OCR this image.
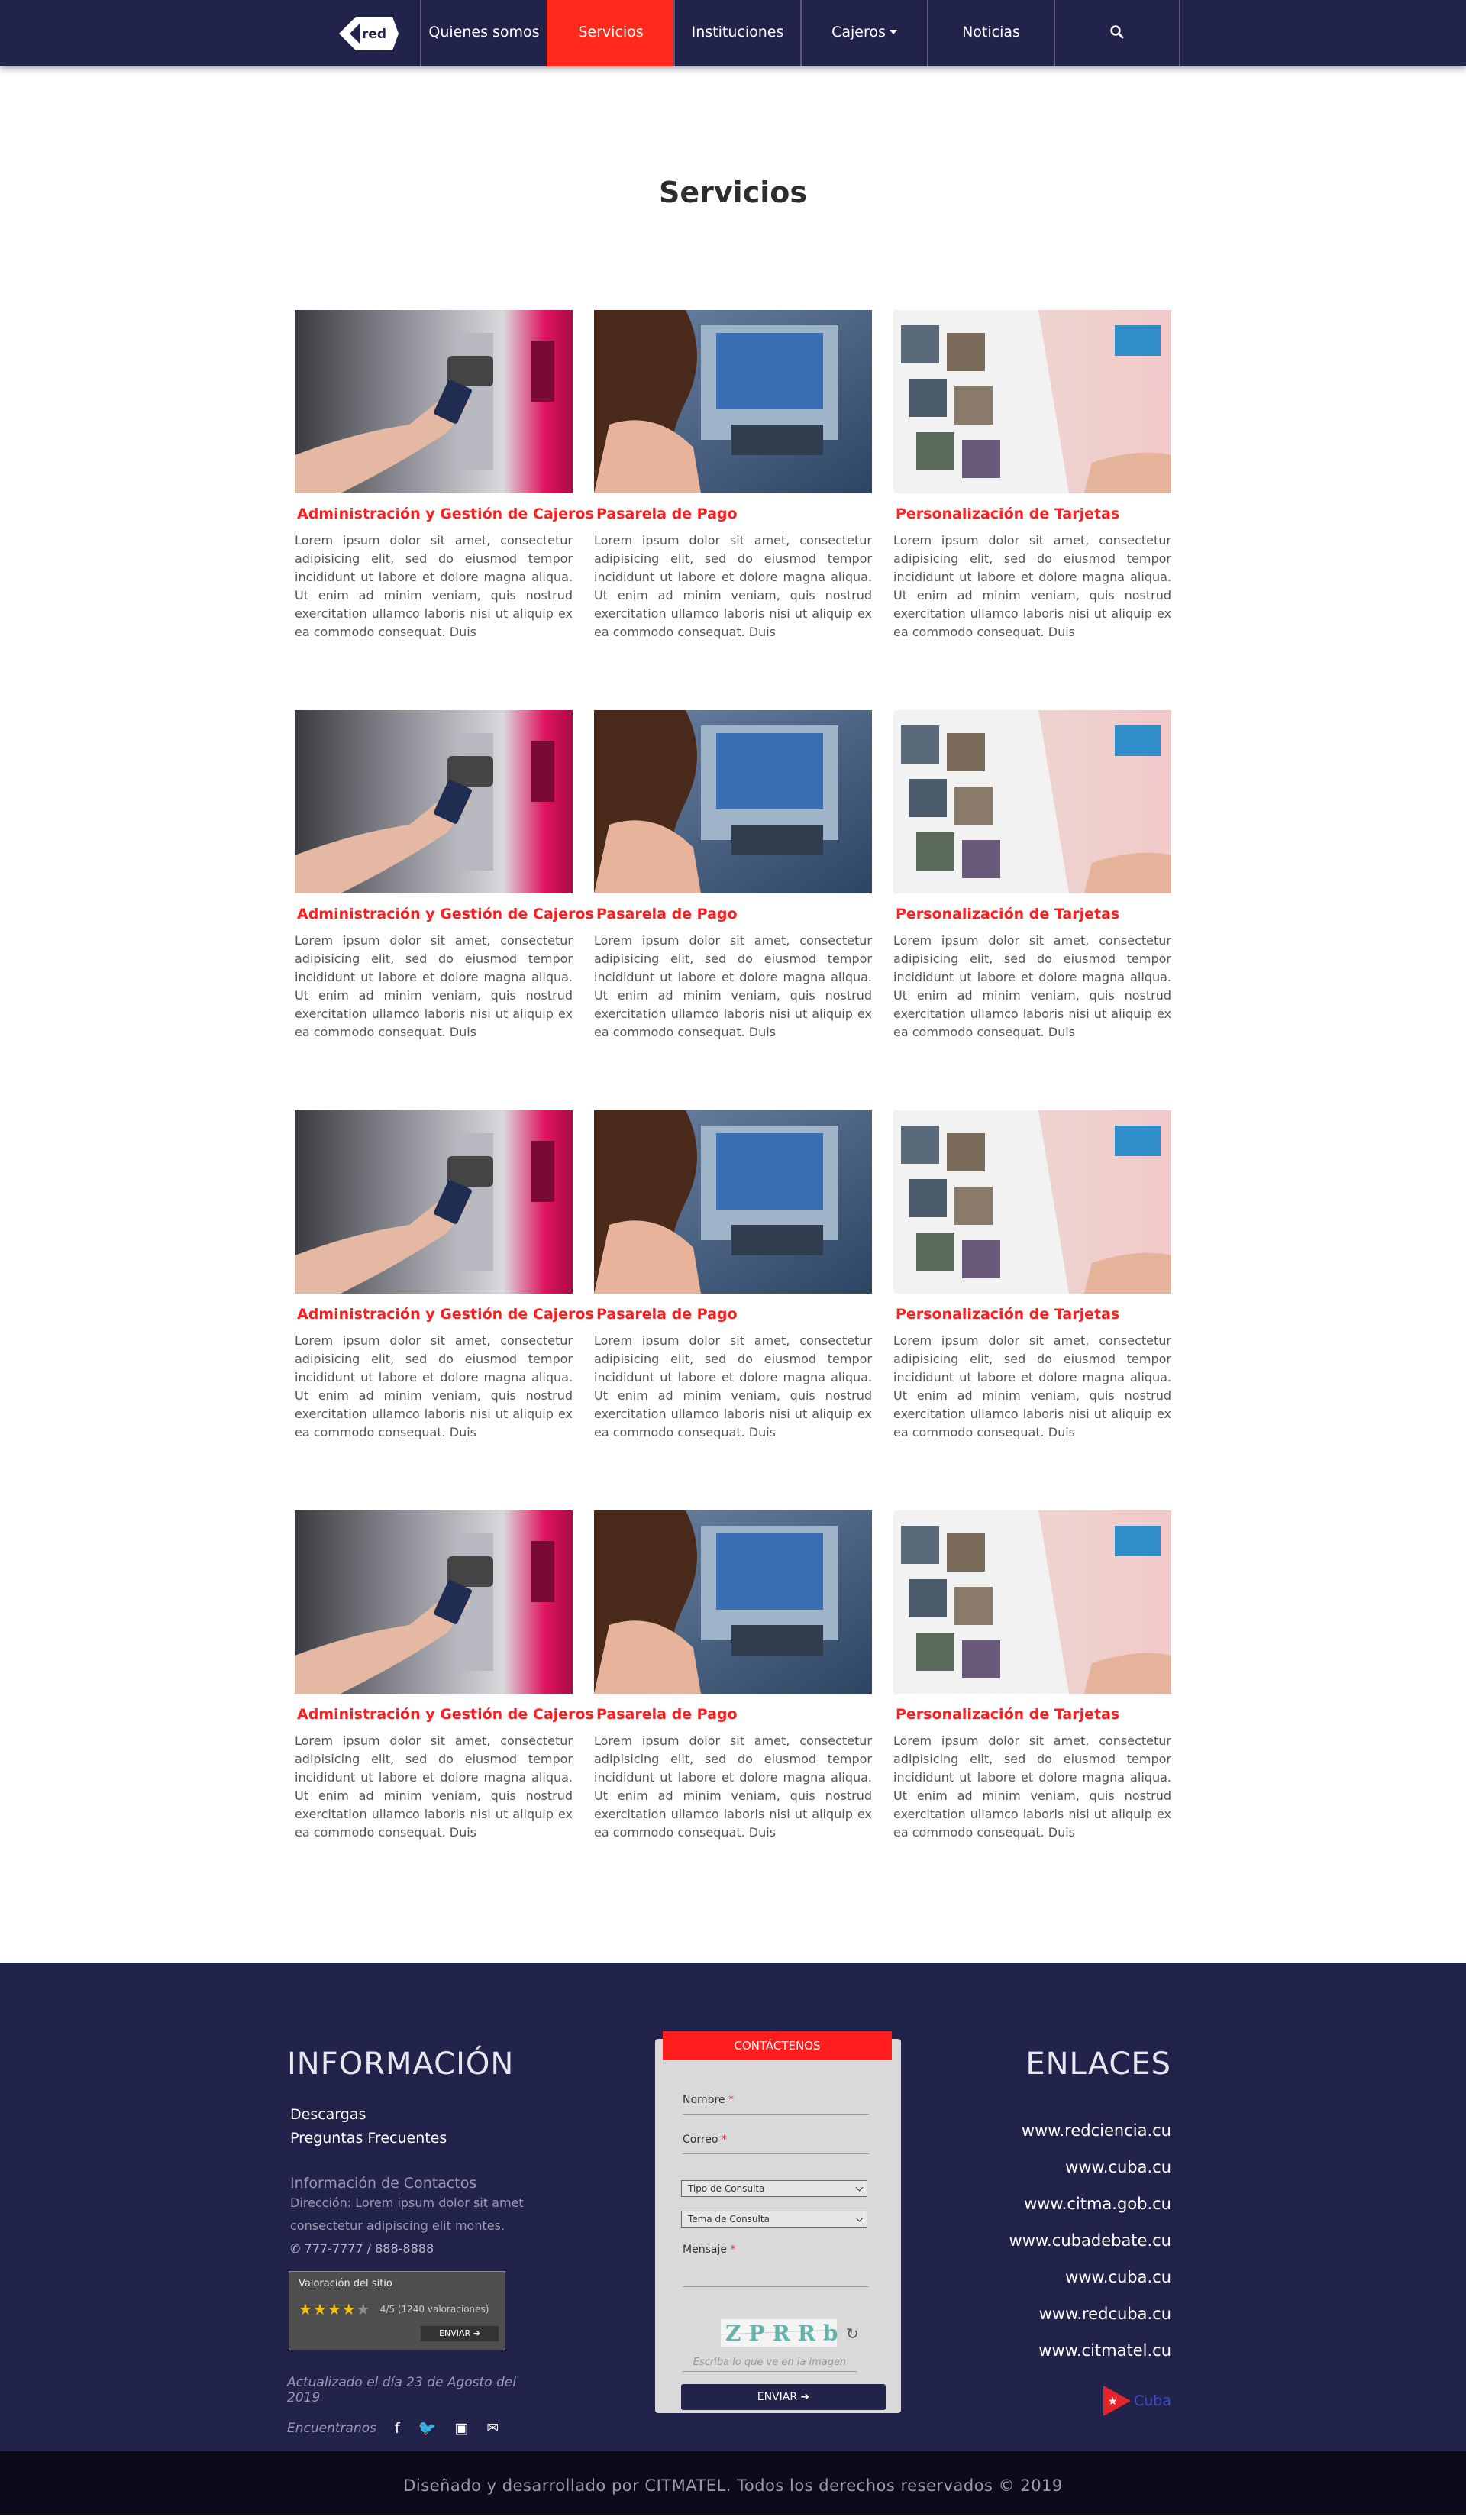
red	Quienes somos	Servicios	Instituciones	Cajeros	Noticias
Servicios
Administración y Gestión de Cajeros

Lorem ipsum dolor sit amet, consectetur adipisicing elit, sed do eiusmod tempor incididunt ut labore et dolore magna aliqua. Ut enim ad minim veniam, quis nostrud exercitation ullamco laboris nisi ut aliquip ex ea commodo consequat. Duis

Pasarela de Pago

Lorem ipsum dolor sit amet, consectetur adipisicing elit, sed do eiusmod tempor incididunt ut labore et dolore magna aliqua. Ut enim ad minim veniam, quis nostrud exercitation ullamco laboris nisi ut aliquip ex ea commodo consequat. Duis

Personalización de Tarjetas

Lorem ipsum dolor sit amet, consectetur adipisicing elit, sed do eiusmod tempor incididunt ut labore et dolore magna aliqua. Ut enim ad minim veniam, quis nostrud exercitation ullamco laboris nisi ut aliquip ex ea commodo consequat. Duis

Administración y Gestión de Cajeros

Lorem ipsum dolor sit amet, consectetur adipisicing elit, sed do eiusmod tempor incididunt ut labore et dolore magna aliqua. Ut enim ad minim veniam, quis nostrud exercitation ullamco laboris nisi ut aliquip ex ea commodo consequat. Duis

Pasarela de Pago

Lorem ipsum dolor sit amet, consectetur adipisicing elit, sed do eiusmod tempor incididunt ut labore et dolore magna aliqua. Ut enim ad minim veniam, quis nostrud exercitation ullamco laboris nisi ut aliquip ex ea commodo consequat. Duis

Personalización de Tarjetas

Lorem ipsum dolor sit amet, consectetur adipisicing elit, sed do eiusmod tempor incididunt ut labore et dolore magna aliqua. Ut enim ad minim veniam, quis nostrud exercitation ullamco laboris nisi ut aliquip ex ea commodo consequat. Duis

Administración y Gestión de Cajeros

Lorem ipsum dolor sit amet, consectetur adipisicing elit, sed do eiusmod tempor incididunt ut labore et dolore magna aliqua. Ut enim ad minim veniam, quis nostrud exercitation ullamco laboris nisi ut aliquip ex ea commodo consequat. Duis

Pasarela de Pago

Lorem ipsum dolor sit amet, consectetur adipisicing elit, sed do eiusmod tempor incididunt ut labore et dolore magna aliqua. Ut enim ad minim veniam, quis nostrud exercitation ullamco laboris nisi ut aliquip ex ea commodo consequat. Duis

Personalización de Tarjetas

Lorem ipsum dolor sit amet, consectetur adipisicing elit, sed do eiusmod tempor incididunt ut labore et dolore magna aliqua. Ut enim ad minim veniam, quis nostrud exercitation ullamco laboris nisi ut aliquip ex ea commodo consequat. Duis

Administración y Gestión de Cajeros

Lorem ipsum dolor sit amet, consectetur adipisicing elit, sed do eiusmod tempor incididunt ut labore et dolore magna aliqua. Ut enim ad minim veniam, quis nostrud exercitation ullamco laboris nisi ut aliquip ex ea commodo consequat. Duis

Pasarela de Pago

Lorem ipsum dolor sit amet, consectetur adipisicing elit, sed do eiusmod tempor incididunt ut labore et dolore magna aliqua. Ut enim ad minim veniam, quis nostrud exercitation ullamco laboris nisi ut aliquip ex ea commodo consequat. Duis

Personalización de Tarjetas

Lorem ipsum dolor sit amet, consectetur adipisicing elit, sed do eiusmod tempor incididunt ut labore et dolore magna aliqua. Ut enim ad minim veniam, quis nostrud exercitation ullamco laboris nisi ut aliquip ex ea commodo consequat. Duis

INFORMACIÓN
Descargas
Preguntas Frecuentes
Información de Contactos
Dirección: Lorem ipsum dolor sit amet consectetur adipiscing elit montes.
✆ 777-7777 / 888-8888
Valoración del sitio
★ ★ ★ ★ ★ 4/5
(1240 valoraciones)
ENVIAR ➔
Actualizado el día 23 de Agosto del 2019
Encuentranos f 🐦 ▣ ✉
CONTÁCTENOS
Nombre *
Correo *
Tipo de Consulta
Tema de Consulta
Mensaje *
ZPRRb ↻
Escriba lo que ve en la imagen
ENVIAR ➔
ENLACES
www.redciencia.cu
www.cuba.cu
www.citma.gob.cu
www.cubadebate.cu
www.cuba.cu
www.redcuba.cu
www.citmatel.cu
★ Cuba
Diseñado y desarrollado por CITMATEL. Todos los derechos reservados © 2019
